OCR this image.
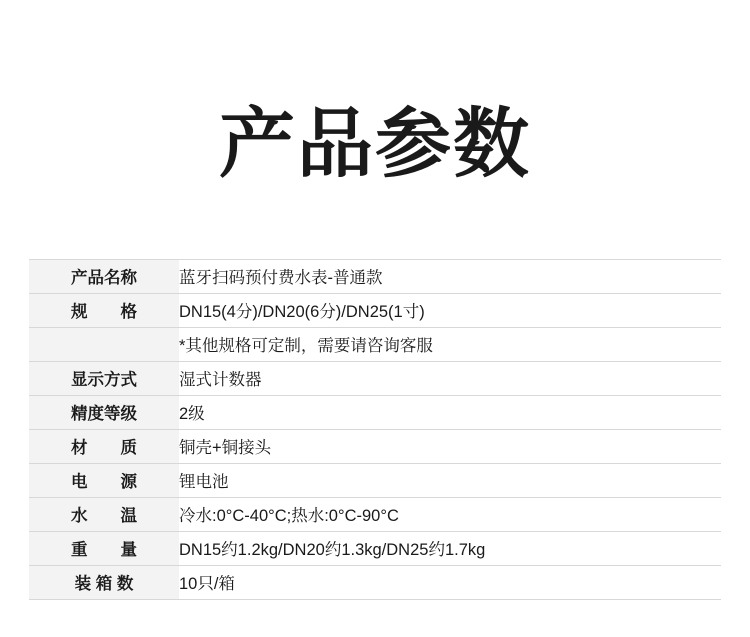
产品参数
产品名称	蓝牙扫码预付费水表-普通款
规　　格	DN15(4分)/DN20(6分)/DN25(1寸)
	*其他规格可定制，需要请咨询客服
显示方式	湿式计数器
精度等级	2级
材　　质	铜壳+铜接头
电　　源	锂电池
水　　温	冷水:0°C-40°C;热水:0°C-90°C
重　　量	DN15约1.2kg/DN20约1.3kg/DN25约1.7kg
装 箱 数	10只/箱
